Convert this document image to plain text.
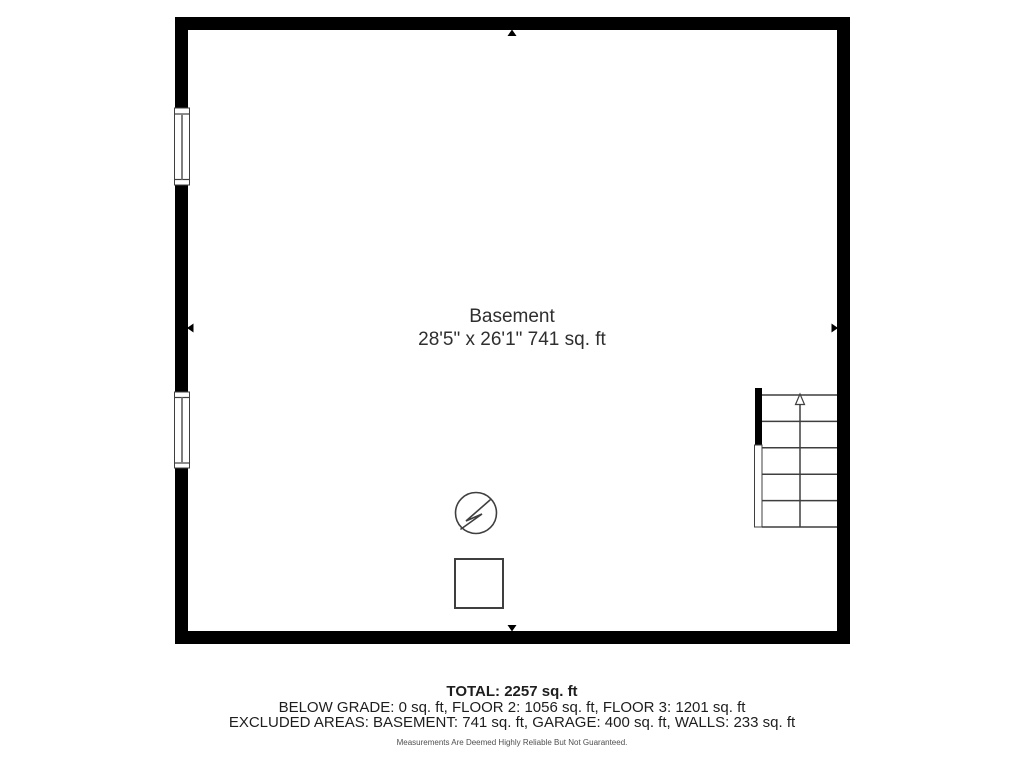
Basement
28'5" x 26'1" 741 sq. ft
TOTAL: 2257 sq. ft
BELOW GRADE: 0 sq. ft, FLOOR 2: 1056 sq. ft, FLOOR 3: 1201 sq. ft
EXCLUDED AREAS: BASEMENT: 741 sq. ft, GARAGE: 400 sq. ft, WALLS: 233 sq. ft
Measurements Are Deemed Highly Reliable But Not Guaranteed.
